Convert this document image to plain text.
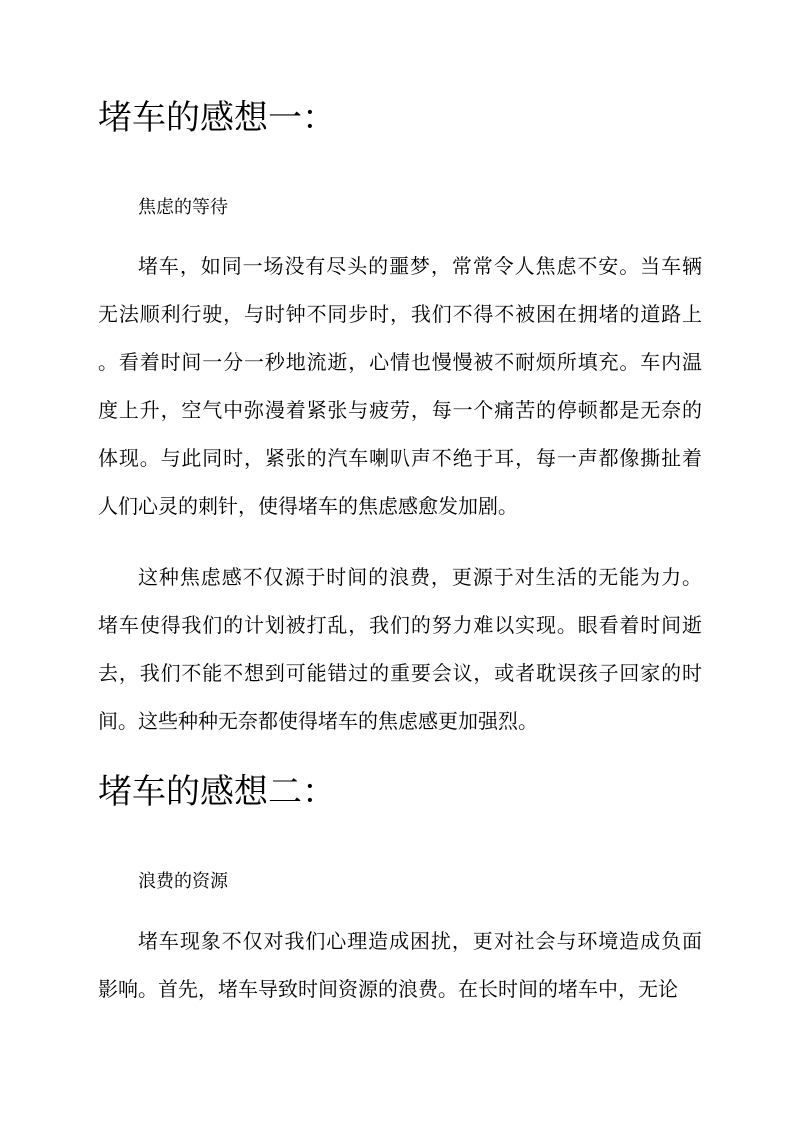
堵车的感想一：

焦虑的等待

堵车，如同一场没有尽头的噩梦，常常令人焦虑不安。当车辆
无法顺利行驶，与时钟不同步时，我们不得不被困在拥堵的道路上
。看着时间一分一秒地流逝，心情也慢慢被不耐烦所填充。车内温
度上升，空气中弥漫着紧张与疲劳，每一个痛苦的停顿都是无奈的
体现。与此同时，紧张的汽车喇叭声不绝于耳，每一声都像撕扯着
人们心灵的刺针，使得堵车的焦虑感愈发加剧。
这种焦虑感不仅源于时间的浪费，更源于对生活的无能为力。
堵车使得我们的计划被打乱，我们的努力难以实现。眼看着时间逝
去，我们不能不想到可能错过的重要会议，或者耽误孩子回家的时
间。这些种种无奈都使得堵车的焦虑感更加强烈。
堵车的感想二：

浪费的资源

堵车现象不仅对我们心理造成困扰，更对社会与环境造成负面
影响。首先，堵车导致时间资源的浪费。在长时间的堵车中，无论
